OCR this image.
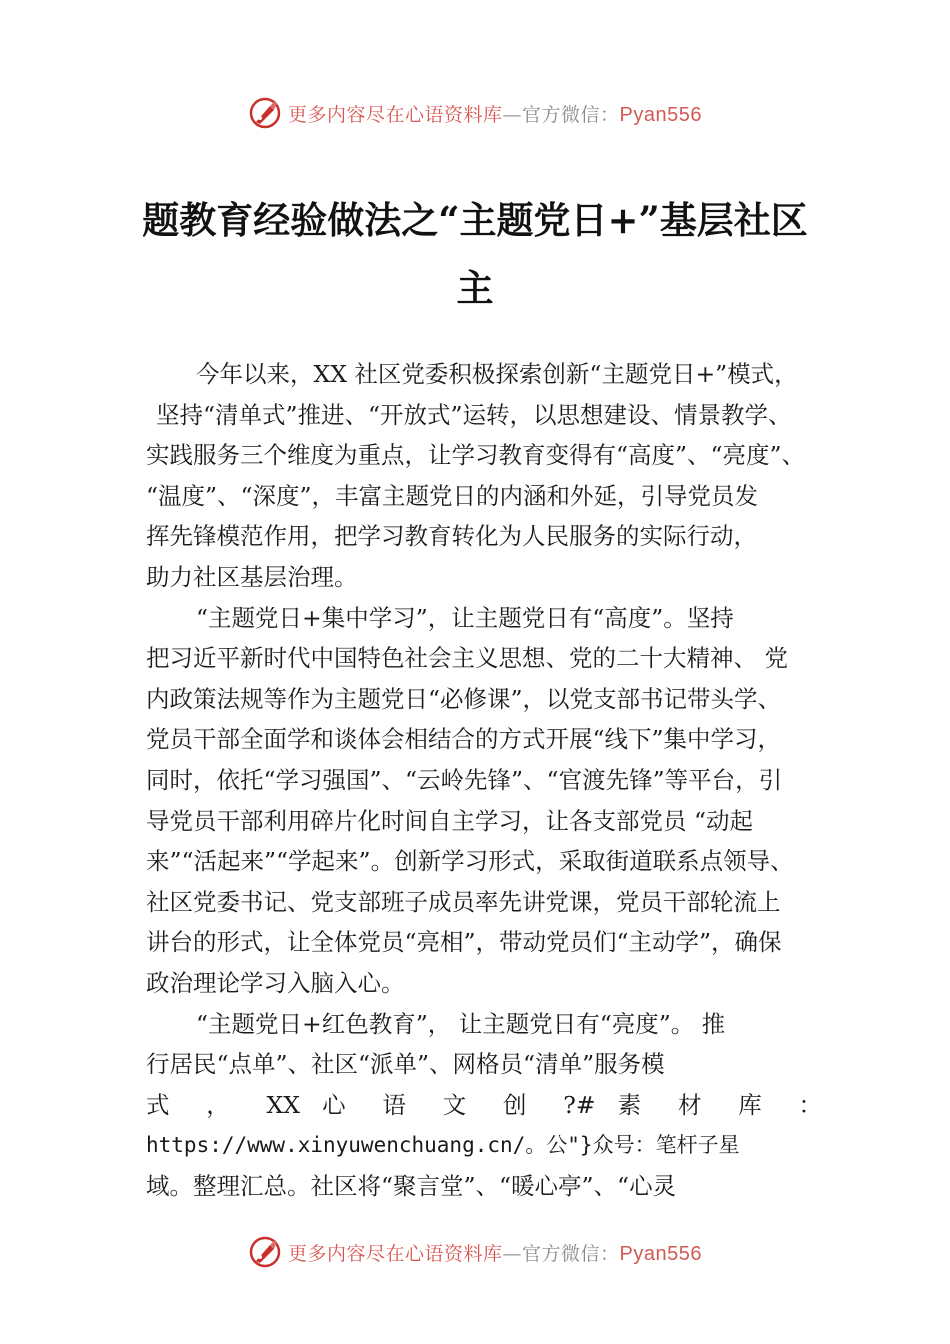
更多内容尽在心语资料库—官方微信：Pyan556
题教育经验做法之“主题党日+”基层社区
主
今年以来，XX 社区党委积极探索创新“主题党日+”模式，
坚持“清单式”推进、“开放式”运转，以思想建设、情景教学、
实践服务三个维度为重点，让学习教育变得有“高度”、“亮度”、
“温度”、“深度”，丰富主题党日的内涵和外延，引导党员发
挥先锋模范作用，把学习教育转化为人民服务的实际行动，
助力社区基层治理。
“主题党日+集中学习”，让主题党日有“高度”。坚持
把习近平新时代中国特色社会主义思想、党的二十大精神、 党
内政策法规等作为主题党日“必修课”，以党支部书记带头学、
党员干部全面学和谈体会相结合的方式开展“线下”集中学习，
同时，依托“学习强国”、“云岭先锋”、“官渡先锋”等平台，引
导党员干部利用碎片化时间自主学习，让各支部党员 “动起
来”“活起来”“学起来”。创新学习形式，采取街道联系点领导、
社区党委书记、党支部班子成员率先讲党课，党员干部轮流上
讲台的形式，让全体党员“亮相”，带动党员们“主动学”，确保
政治理论学习入脑入心。
“主题党日+红色教育”， 让主题党日有“亮度”。 推
行居民“点单”、社区“派单”、网格员“清单”服务模
式 ， XX 心 语 文 创 ?# 素 材 库 ：
https://www.xinyuwenchuang.cn/。公"}众号：笔杆子星
域。整理汇总。社区将“聚言堂”、“暖心亭”、“心灵
更多内容尽在心语资料库—官方微信：Pyan556
